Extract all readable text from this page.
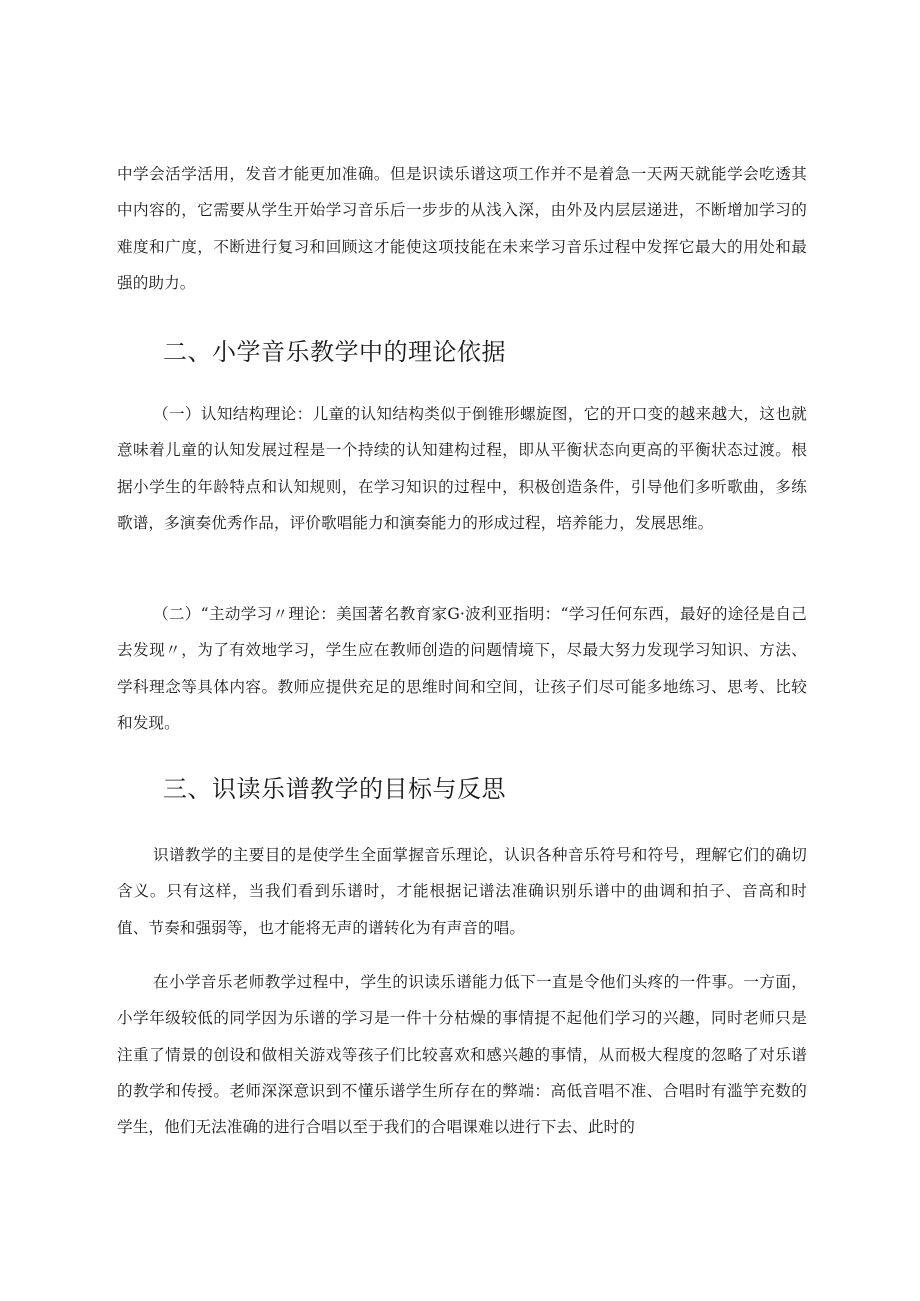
中学会活学活用，发音才能更加准确。但是识读乐谱这项工作并不是着急一天两天就能学会吃透其中内容的，它需要从学生开始学习音乐后一步步的从浅入深，由外及内层层递进，不断增加学习的难度和广度，不断进行复习和回顾这才能使这项技能在未来学习音乐过程中发挥它最大的用处和最强的助力。

二、小学音乐教学中的理论依据

（一）认知结构理论：儿童的认知结构类似于倒锥形螺旋图，它的开口变的越来越大，这也就意味着儿童的认知发展过程是一个持续的认知建构过程，即从平衡状态向更高的平衡状态过渡。根据小学生的年龄特点和认知规则，在学习知识的过程中，积极创造条件，引导他们多听歌曲，多练歌谱，多演奏优秀作品，评价歌唱能力和演奏能力的形成过程，培养能力，发展思维。

（二）“主动学习〃理论：美国著名教育家G·波利亚指明：“学习任何东西，最好的途径是自己去发现〃，为了有效地学习，学生应在教师创造的问题情境下，尽最大努力发现学习知识、方法、学科理念等具体内容。教师应提供充足的思维时间和空间，让孩子们尽可能多地练习、思考、比较和发现。

三、识读乐谱教学的目标与反思

识谱教学的主要目的是使学生全面掌握音乐理论，认识各种音乐符号和符号，理解它们的确切含义。只有这样，当我们看到乐谱时，才能根据记谱法准确识别乐谱中的曲调和拍子、音高和时值、节奏和强弱等，也才能将无声的谱转化为有声音的唱。

在小学音乐老师教学过程中，学生的识读乐谱能力低下一直是令他们头疼的一件事。一方面，小学年级较低的同学因为乐谱的学习是一件十分枯燥的事情提不起他们学习的兴趣，同时老师只是注重了情景的创设和做相关游戏等孩子们比较喜欢和感兴趣的事情，从而极大程度的忽略了对乐谱的教学和传授。老师深深意识到不懂乐谱学生所存在的弊端：高低音唱不准、合唱时有滥竽充数的学生，他们无法准确的进行合唱以至于我们的合唱课难以进行下去、此时的
